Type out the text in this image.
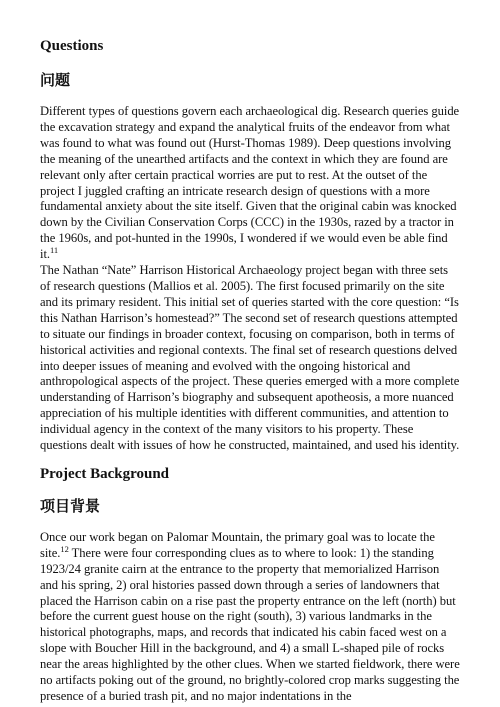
Questions
问题

Different types of questions govern each archaeological dig. Research queries guide the excavation strategy and expand the analytical fruits of the endeavor from what was found to what was found out (Hurst-Thomas 1989). Deep questions involving the meaning of the unearthed artifacts and the context in which they are found are relevant only after certain practical worries are put to rest. At the outset of the project I juggled crafting an intricate research design of questions with a more fundamental anxiety about the site itself. Given that the original cabin was knocked down by the Civilian Conservation Corps (CCC) in the 1930s, razed by a tractor in the 1960s, and pot-hunted in the 1990s, I wondered if we would even be able find it.$^{11}$

The Nathan “Nate” Harrison Historical Archaeology project began with three sets of research questions (Mallios et al. 2005). The first focused primarily on the site and its primary resident. This initial set of queries started with the core question: “Is this Nathan Harrison’s homestead?” The second set of research questions attempted to situate our findings in broader context, focusing on comparison, both in terms of historical activities and regional contexts. The final set of research questions delved into deeper issues of meaning and evolved with the ongoing historical and anthropological aspects of the project. These queries emerged with a more complete understanding of Harrison’s biography and subsequent apotheosis, a more nuanced appreciation of his multiple identities with different communities, and attention to individual agency in the context of the many visitors to his property. These questions dealt with issues of how he constructed, maintained, and used his identity.

Project Background
项目背景

Once our work began on Palomar Mountain, the primary goal was to locate the site.$^{12}$ There were four corresponding clues as to where to look: 1) the standing 1923/24 granite cairn at the entrance to the property that memorialized Harrison and his spring, 2) oral histories passed down through a series of landowners that placed the Harrison cabin on a rise past the property entrance on the left (north) but before the current guest house on the right (south), 3) various landmarks in the historical photographs, maps, and records that indicated his cabin faced west on a slope with Boucher Hill in the background, and 4) a small L-shaped pile of rocks near the areas highlighted by the other clues. When we started fieldwork, there were no artifacts poking out of the ground, no brightly-colored crop marks suggesting the presence of a buried trash pit, and no major indentations in the
